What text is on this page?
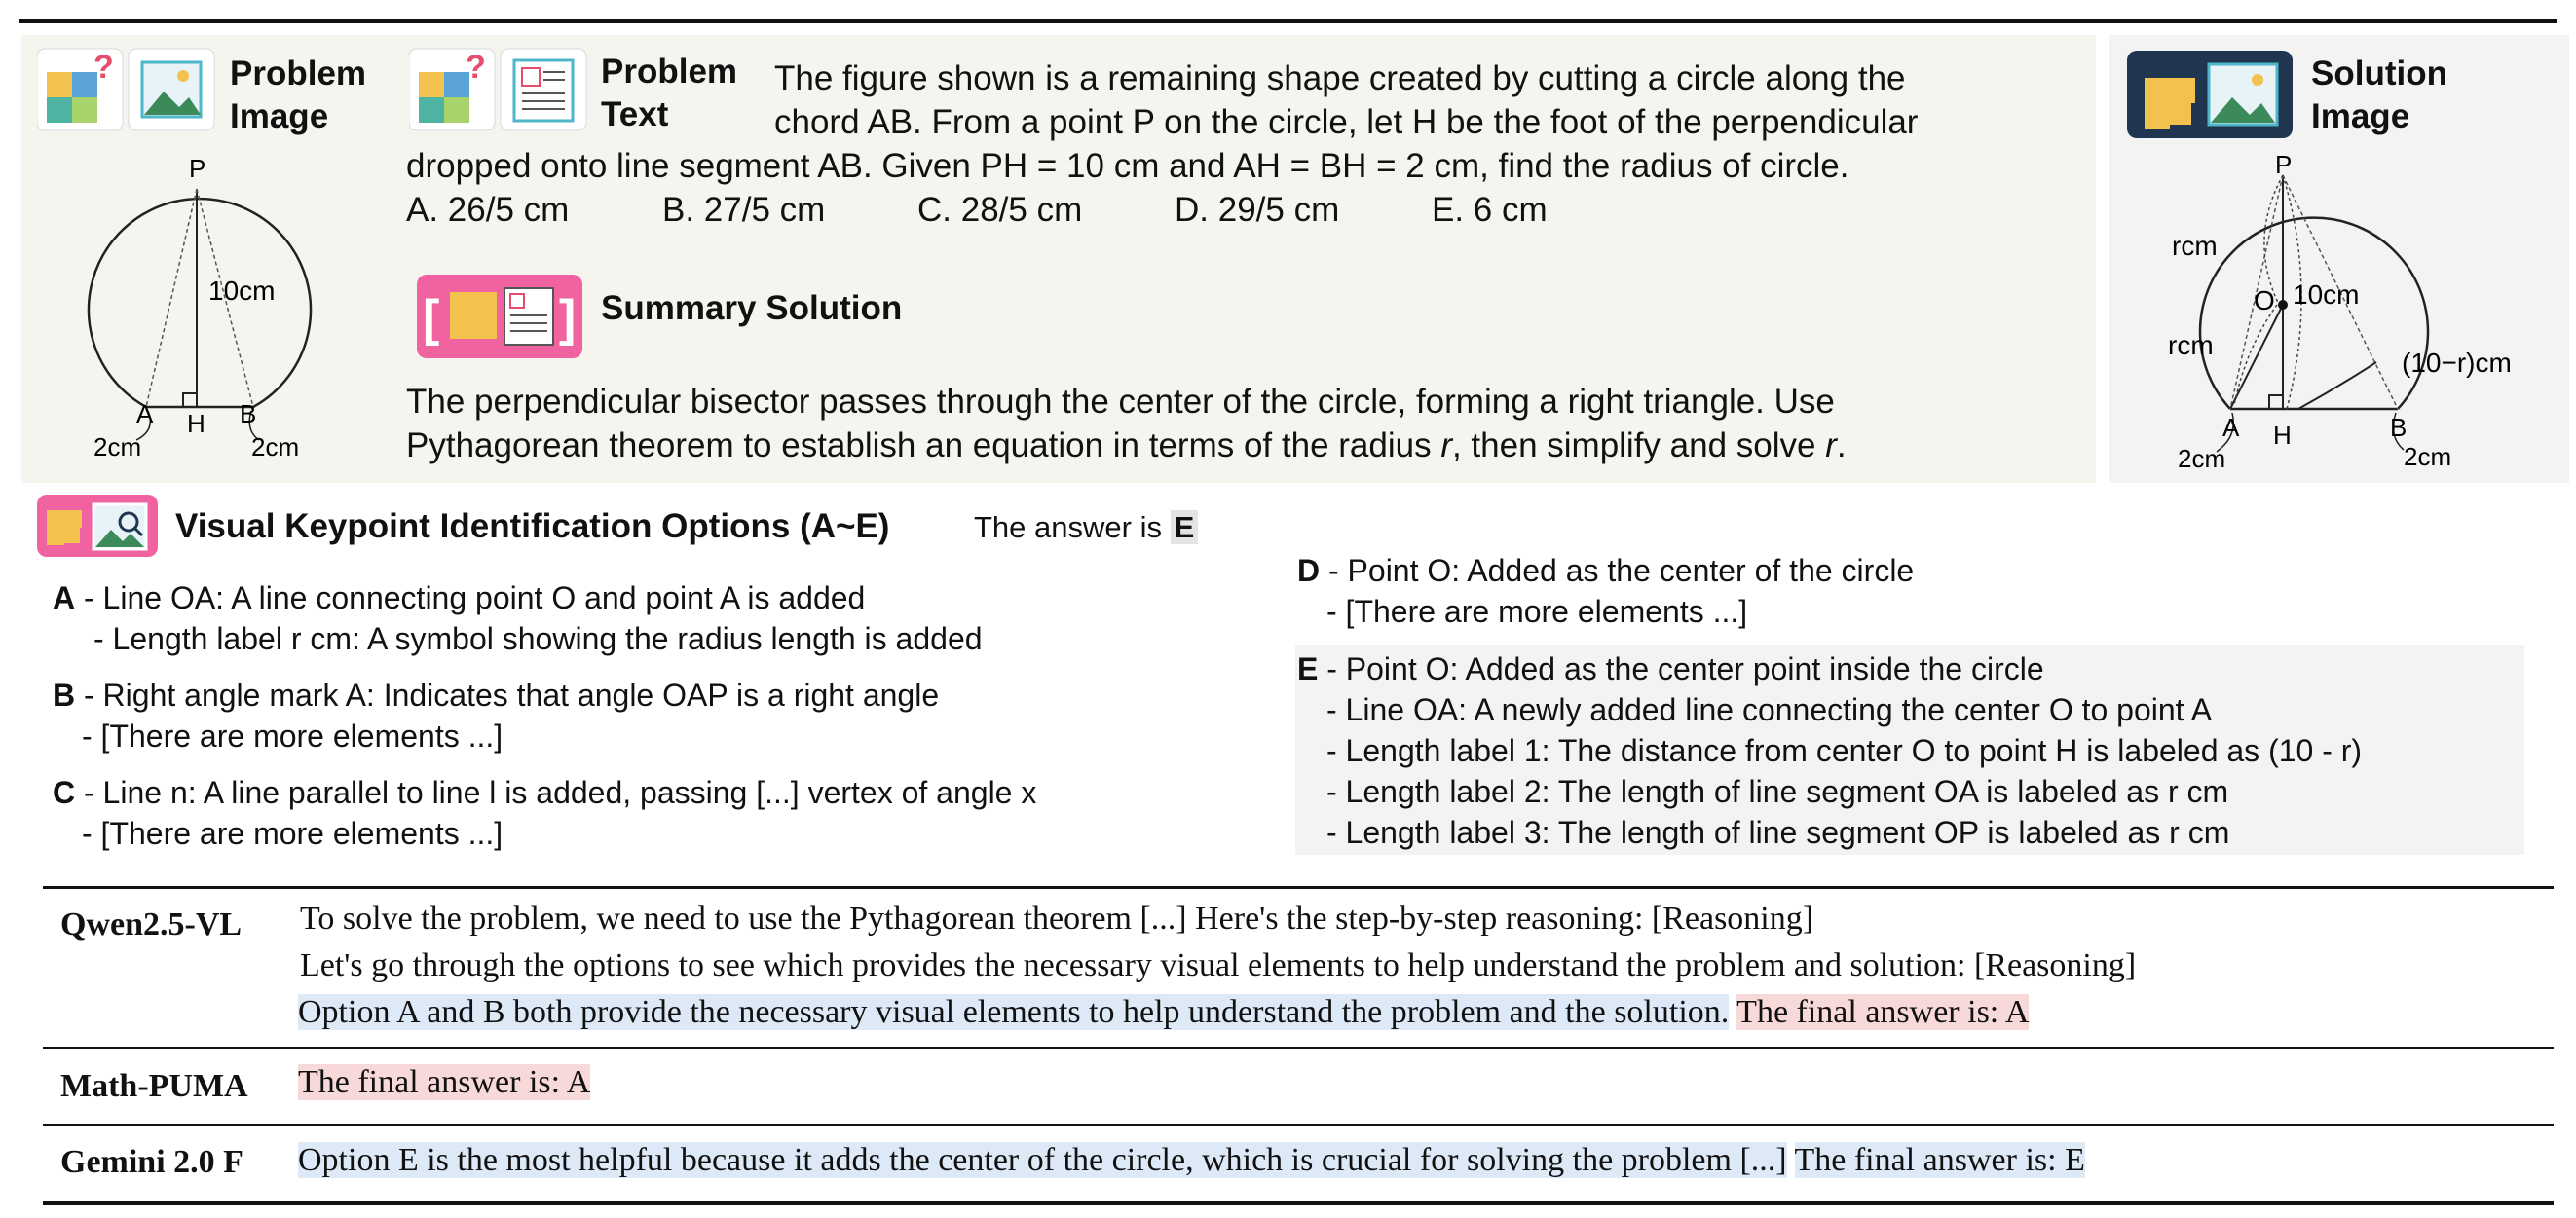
?	Problem
Image
P
10cm
A H B
2cm	2cm
?	Problem
Text
The figure shown is a remaining shape created by cutting a circle along the
chord AB. From a point P on the circle, let H be the foot of the perpendicular
dropped onto line segment AB. Given PH = 10 cm and AH = BH = 2 cm, find the radius of circle.
A. 26/5 cm	B. 27/5 cm	C. 28/5 cm	D. 29/5 cm	E. 6 cm
[ ] Summary Solution
The perpendicular bisector passes through the center of the circle, forming a right triangle. Use
Pythagorean theorem to establish an equation in terms of the radius r, then simplify and solve r.
Solution
Image
P
rcm
O 10cm
rcm
(10−r)cm
A H	B
2cm	2cm
Visual Keypoint Identification Options (A~E)	The answer is E
A - Line OA: A line connecting point O and point A is added
- Length label r cm: A symbol showing the radius length is added
B - Right angle mark A: Indicates that angle OAP is a right angle
- [There are more elements ...]
C - Line n: A line parallel to line l is added, passing [...] vertex of angle x
- [There are more elements ...]
D - Point O: Added as the center of the circle
- [There are more elements ...]
E - Point O: Added as the center point inside the circle
- Line OA: A newly added line connecting the center O to point A
- Length label 1: The distance from center O to point H is labeled as (10 - r)
- Length label 2: The length of line segment OA is labeled as r cm
- Length label 3: The length of line segment OP is labeled as r cm
Qwen2.5-VL To solve the problem, we need to use the Pythagorean theorem [...] Here's the step-by-step reasoning: [Reasoning]
Let's go through the options to see which provides the necessary visual elements to help understand the problem and solution: [Reasoning]
Option A and B both provide the necessary visual elements to help understand the problem and the solution. The final answer is: A
Math-PUMA The final answer is: A
Gemini 2.0 F Option E is the most helpful because it adds the center of the circle, which is crucial for solving the problem [...] The final answer is: E
